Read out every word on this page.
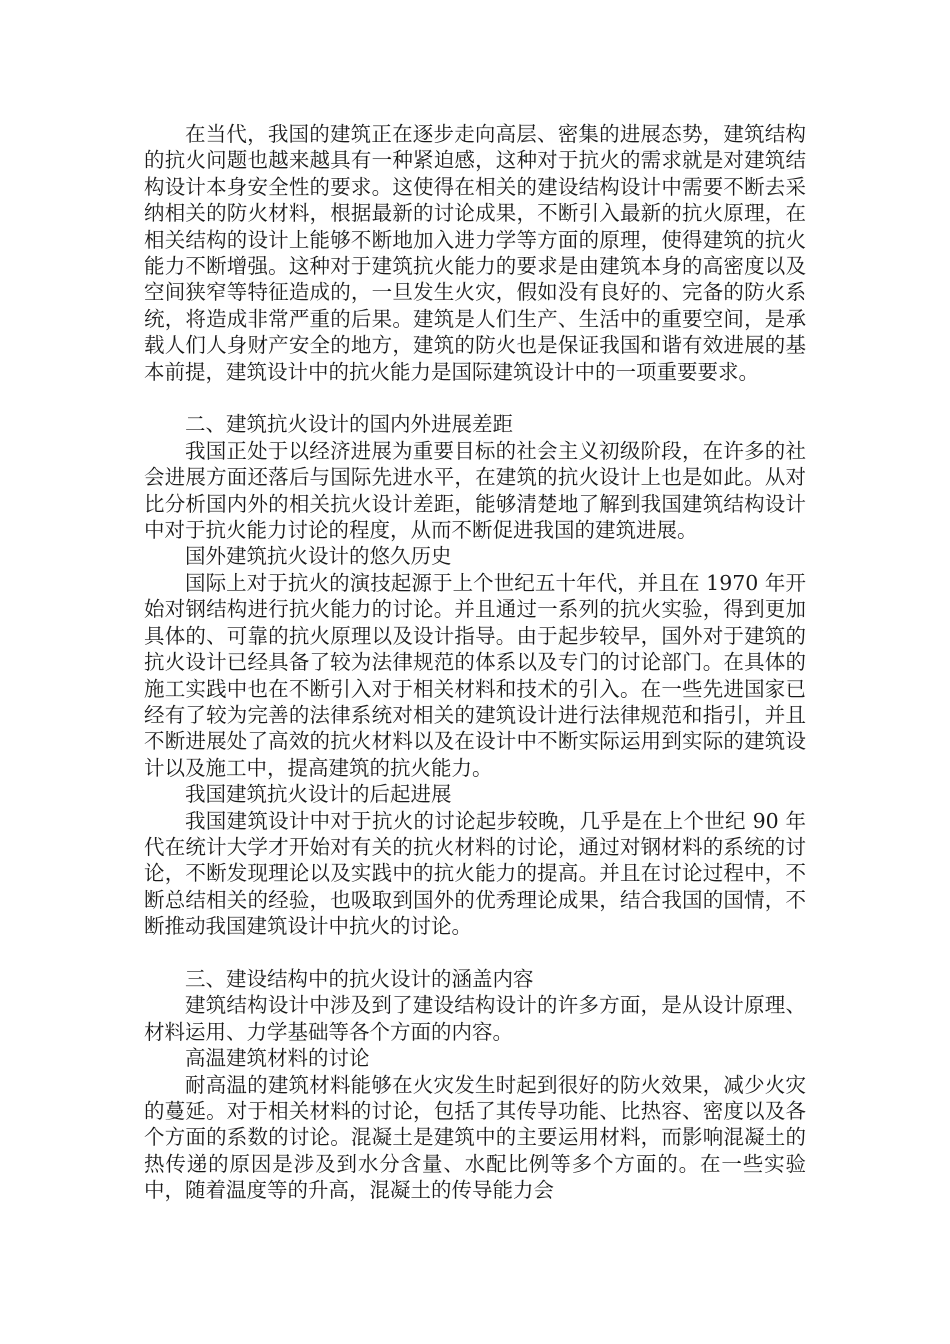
在当代，我国的建筑正在逐步走向高层、密集的进展态势，建筑结构的抗火问题也越来越具有一种紧迫感，这种对于抗火的需求就是对建筑结构设计本身安全性的要求。这使得在相关的建设结构设计中需要不断去采纳相关的防火材料，根据最新的讨论成果，不断引入最新的抗火原理，在相关结构的设计上能够不断地加入进力学等方面的原理，使得建筑的抗火能力不断增强。这种对于建筑抗火能力的要求是由建筑本身的高密度以及空间狭窄等特征造成的，一旦发生火灾，假如没有良好的、完备的防火系统，将造成非常严重的后果。建筑是人们生产、生活中的重要空间，是承载人们人身财产安全的地方，建筑的防火也是保证我国和谐有效进展的基本前提，建筑设计中的抗火能力是国际建筑设计中的一项重要要求。

二、建筑抗火设计的国内外进展差距

我国正处于以经济进展为重要目标的社会主义初级阶段，在许多的社会进展方面还落后与国际先进水平，在建筑的抗火设计上也是如此。从对比分析国内外的相关抗火设计差距，能够清楚地了解到我国建筑结构设计中对于抗火能力讨论的程度，从而不断促进我国的建筑进展。

国外建筑抗火设计的悠久历史

国际上对于抗火的演技起源于上个世纪五十年代，并且在 1970 年开始对钢结构进行抗火能力的讨论。并且通过一系列的抗火实验，得到更加具体的、可靠的抗火原理以及设计指导。由于起步较早，国外对于建筑的抗火设计已经具备了较为法律规范的体系以及专门的讨论部门。在具体的施工实践中也在不断引入对于相关材料和技术的引入。在一些先进国家已经有了较为完善的法律系统对相关的建筑设计进行法律规范和指引，并且不断进展处了高效的抗火材料以及在设计中不断实际运用到实际的建筑设计以及施工中，提高建筑的抗火能力。

我国建筑抗火设计的后起进展

我国建筑设计中对于抗火的讨论起步较晚，几乎是在上个世纪 90 年代在统计大学才开始对有关的抗火材料的讨论，通过对钢材料的系统的讨论，不断发现理论以及实践中的抗火能力的提高。并且在讨论过程中，不断总结相关的经验，也吸取到国外的优秀理论成果，结合我国的国情，不断推动我国建筑设计中抗火的讨论。

三、建设结构中的抗火设计的涵盖内容

建筑结构设计中涉及到了建设结构设计的许多方面，是从设计原理、材料运用、力学基础等各个方面的内容。

高温建筑材料的讨论

耐高温的建筑材料能够在火灾发生时起到很好的防火效果，减少火灾的蔓延。对于相关材料的讨论，包括了其传导功能、比热容、密度以及各个方面的系数的讨论。混凝土是建筑中的主要运用材料，而影响混凝土的热传递的原因是涉及到水分含量、水配比例等多个方面的。在一些实验中，随着温度等的升高，混凝土的传导能力会
